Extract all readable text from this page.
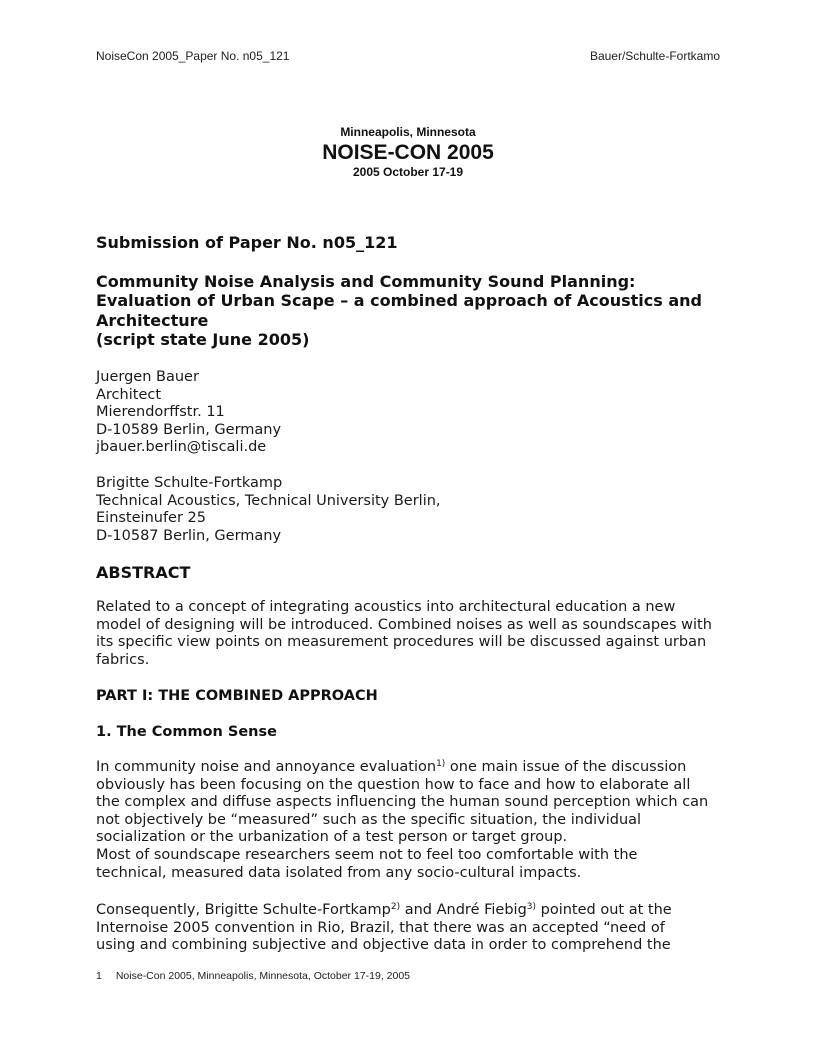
NoiseCon 2005_Paper No. n05_121	Bauer/Schulte-Fortkamo
Minneapolis, Minnesota
NOISE-CON 2005
2005 October 17-19
Submission of Paper No. n05_121
Community Noise Analysis and Community Sound Planning:
Evaluation of Urban Scape – a combined approach of Acoustics and
Architecture
(script state June 2005)
Juergen Bauer
Architect
Mierendorffstr. 11
D-10589 Berlin, Germany
jbauer.berlin@tiscali.de
Brigitte Schulte-Fortkamp
Technical Acoustics, Technical University Berlin,
Einsteinufer 25
D-10587 Berlin, Germany
ABSTRACT
Related to a concept of integrating acoustics into architectural education a new
model of designing will be introduced. Combined noises as well as soundscapes with
its specific view points on measurement procedures will be discussed against urban
fabrics.
PART I: THE COMBINED APPROACH
1. The Common Sense
In community noise and annoyance evaluation$^{1)}$ one main issue of the discussion
obviously has been focusing on the question how to face and how to elaborate all
the complex and diffuse aspects influencing the human sound perception which can
not objectively be “measured” such as the specific situation, the individual
socialization or the urbanization of a test person or target group.
Most of soundscape researchers seem not to feel too comfortable with the
technical, measured data isolated from any socio-cultural impacts.
Consequently, Brigitte Schulte-Fortkamp$^{2)}$ and André Fiebig$^{3)}$ pointed out at the
Internoise 2005 convention in Rio, Brazil, that there was an accepted “need of
using and combining subjective and objective data in order to comprehend the
1 Noise-Con 2005, Minneapolis, Minnesota, October 17-19, 2005
